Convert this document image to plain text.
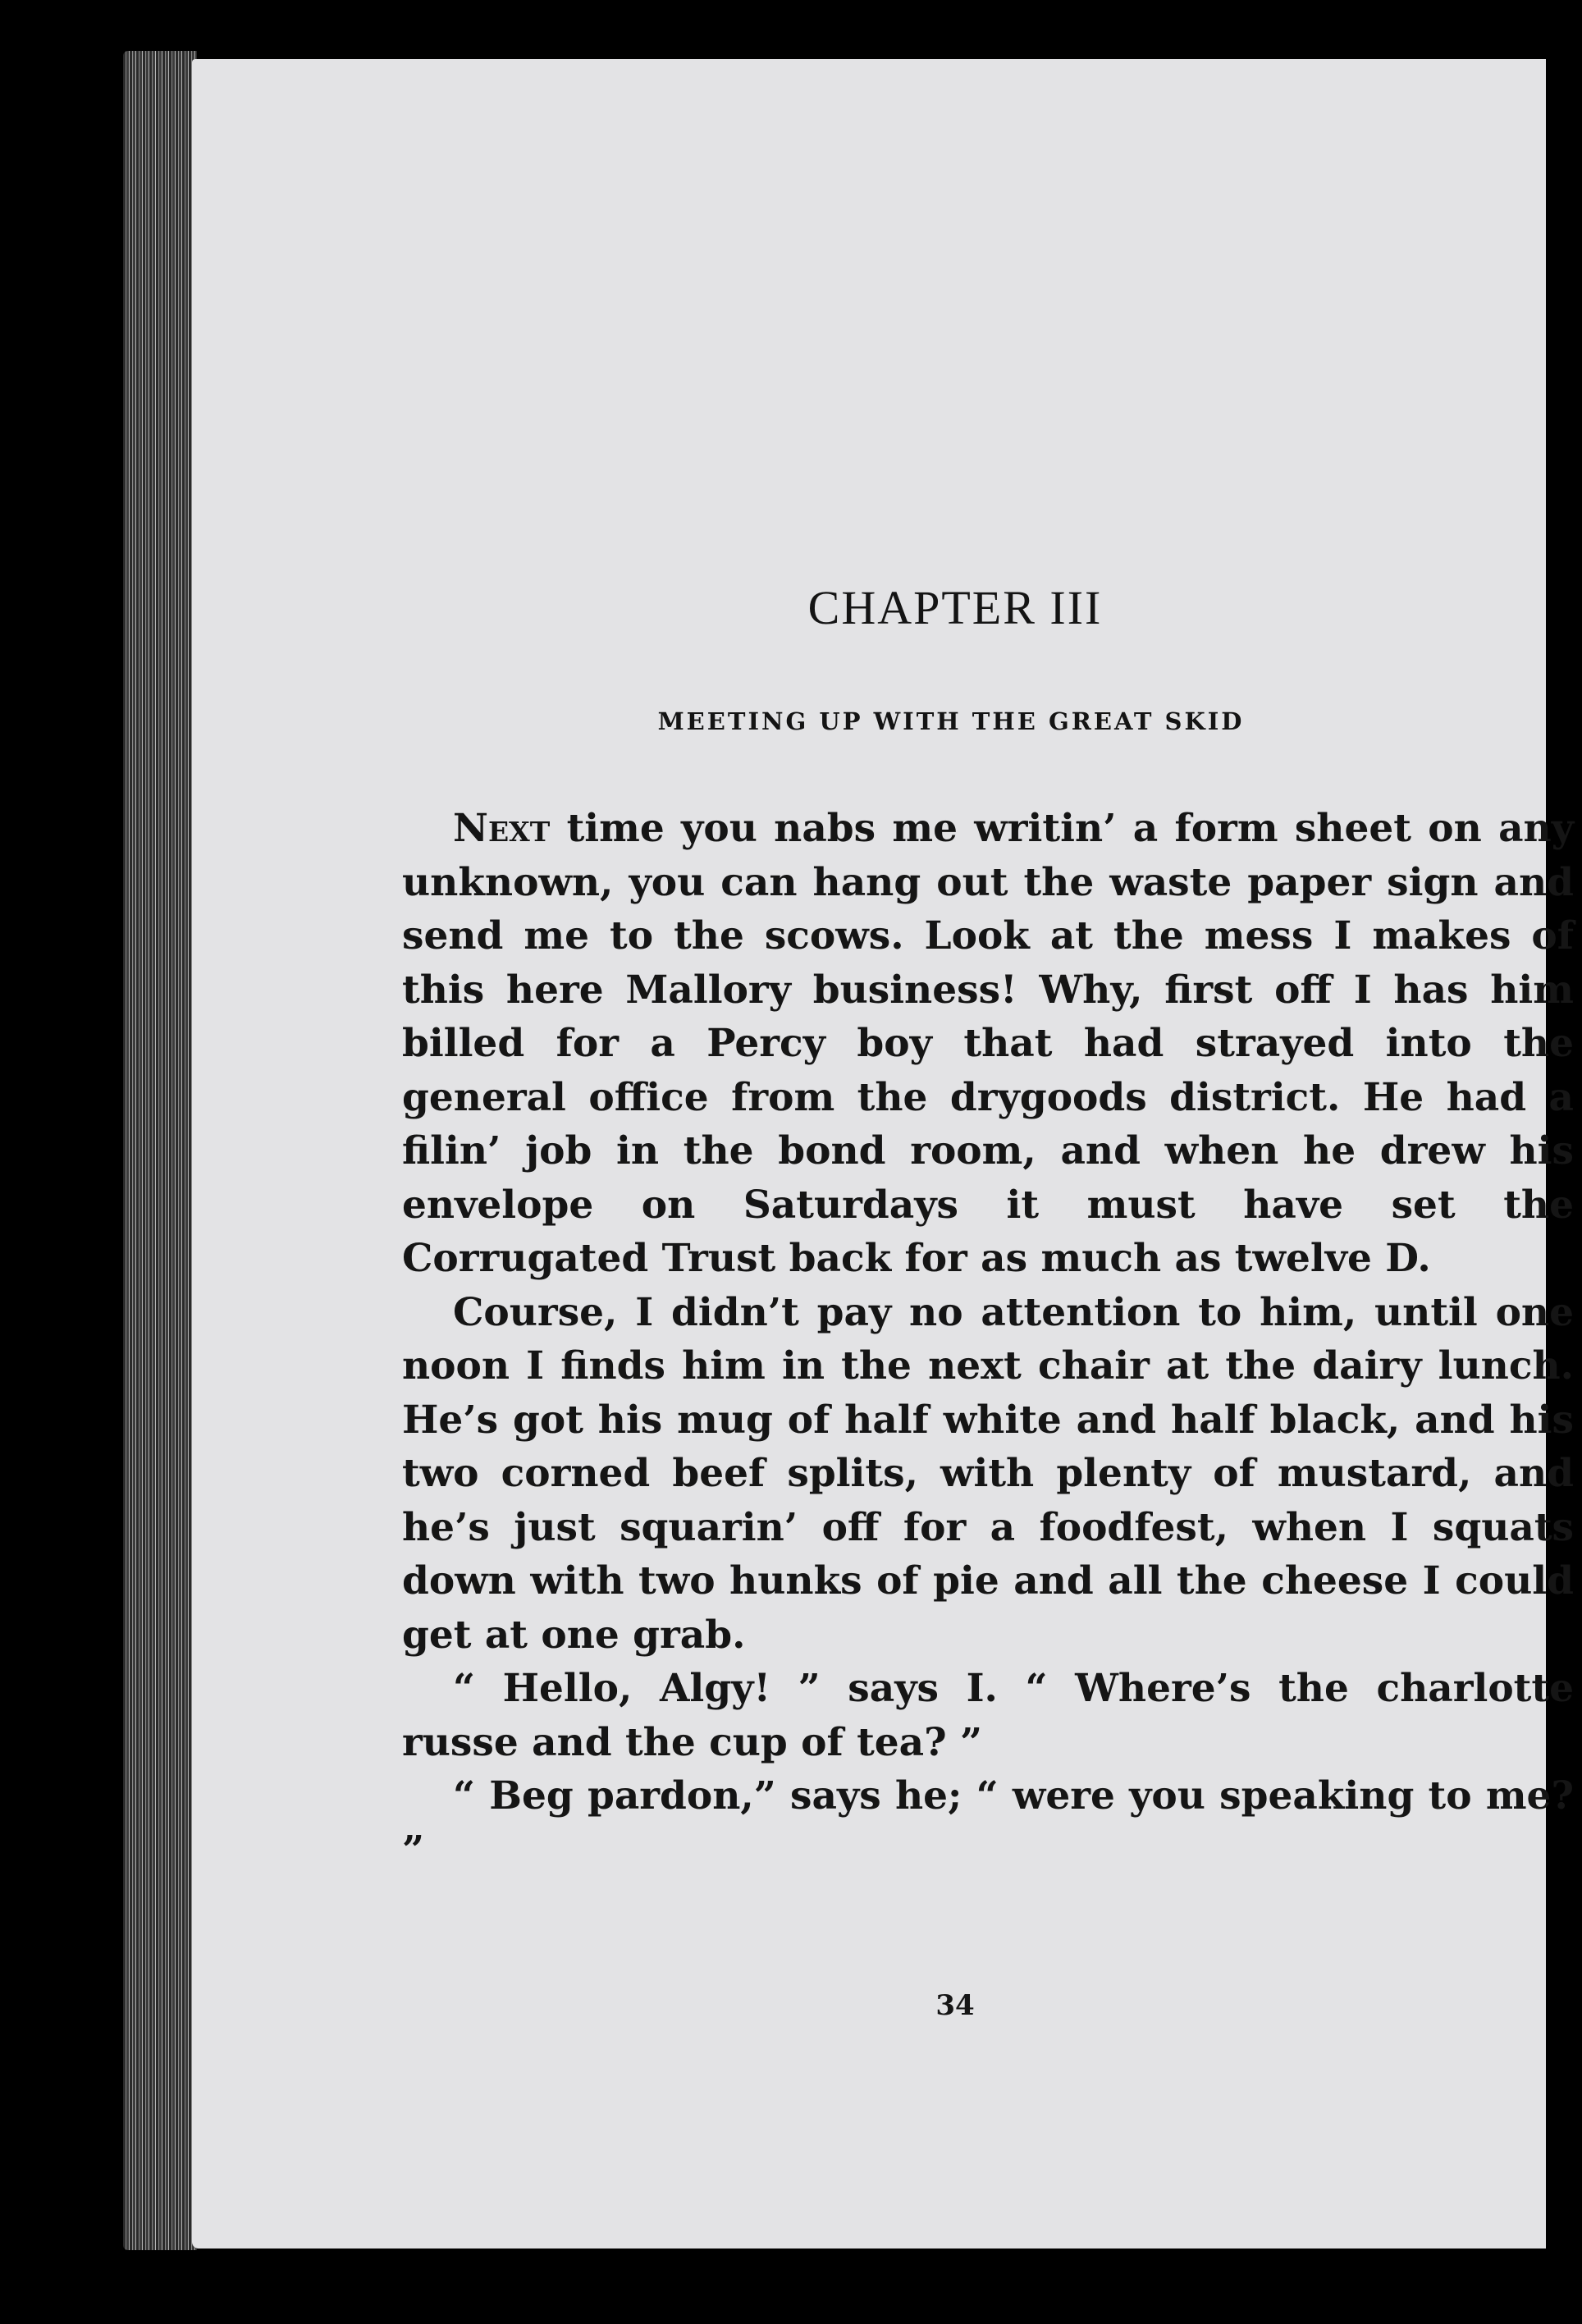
CHAPTER III
MEETING UP WITH THE GREAT SKID

Next time you nabs me writin’ a form sheet on any unknown, you can hang out the waste paper sign and send me to the scows. Look at the mess I makes of this here Mallory business! Why, first off I has him billed for a Percy boy that had strayed into the general office from the drygoods district. He had a filin’ job in the bond room, and when he drew his envelope on Saturdays it must have set the Corrugated Trust back for as much as twelve D.

Course, I didn’t pay no attention to him, until one noon I finds him in the next chair at the dairy lunch. He’s got his mug of half white and half black, and his two corned beef splits, with plenty of mustard, and he’s just squarin’ off for a foodfest, when I squats down with two hunks of pie and all the cheese I could get at one grab.

“ Hello, Algy! ” says I. “ Where’s the charlotte russe and the cup of tea? ”

“ Beg pardon,” says he; “ were you speaking to me? ”

34
